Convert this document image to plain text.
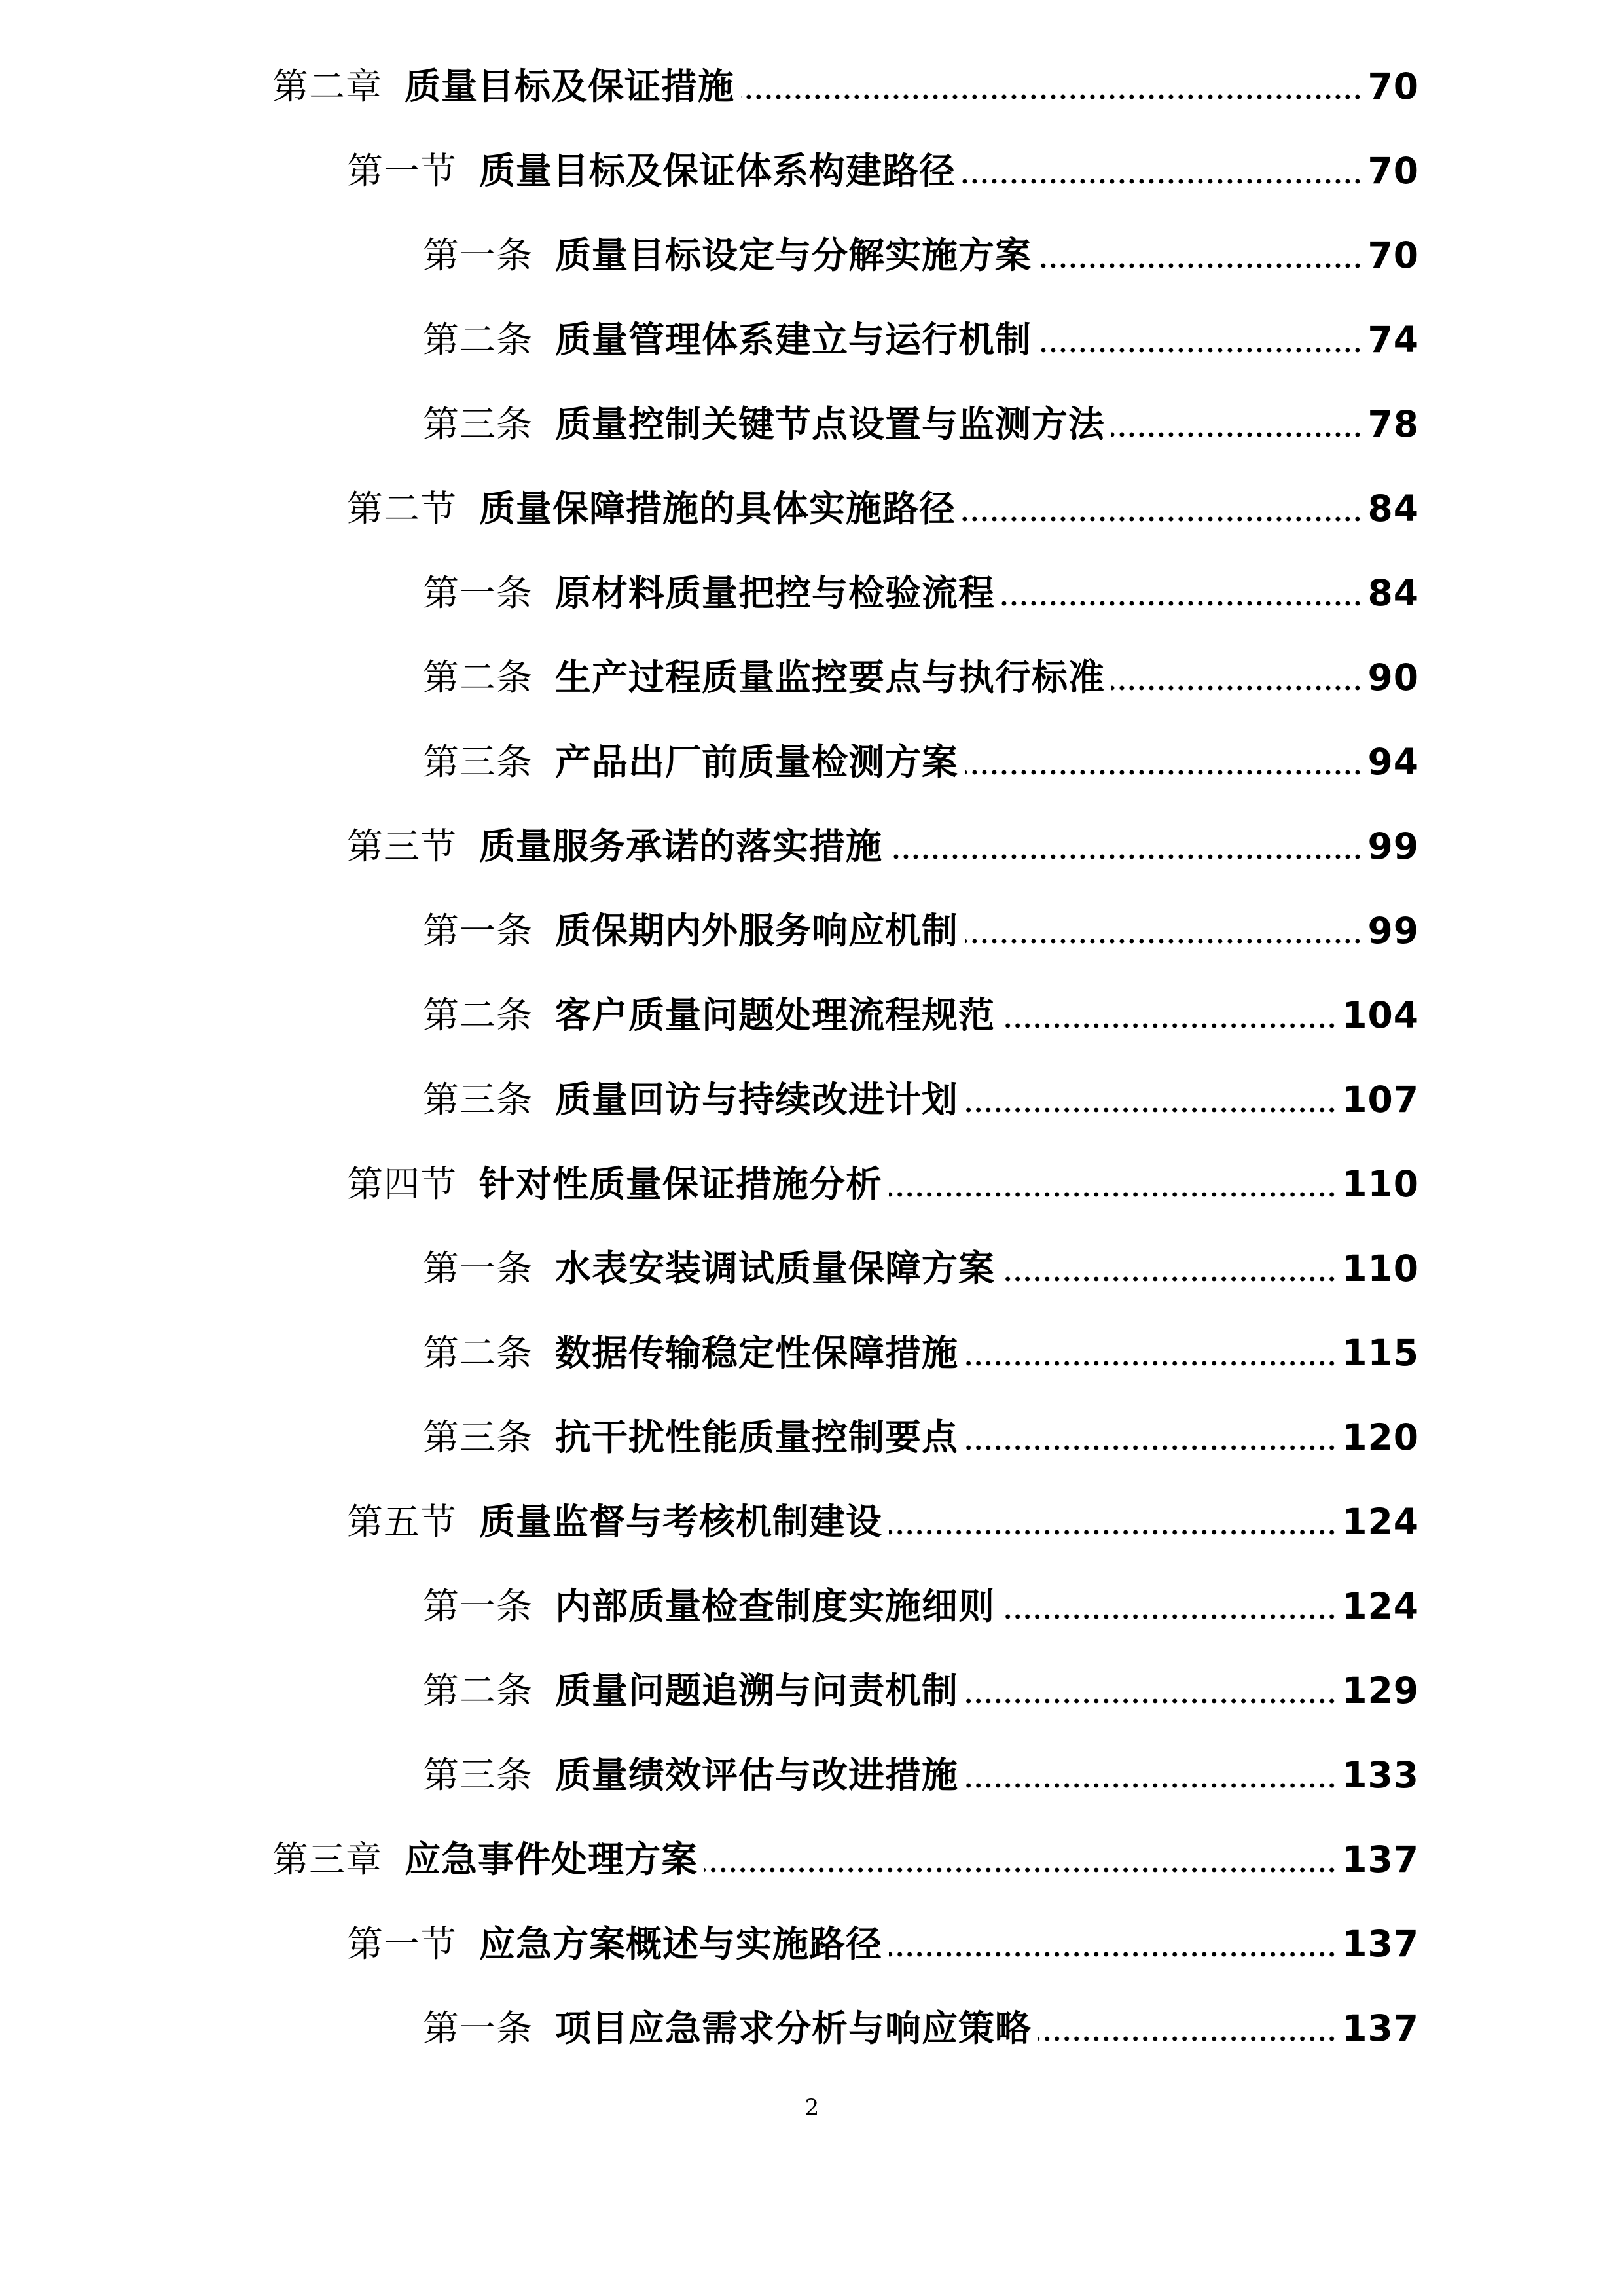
第二章 质量目标及保证措施	70
第一节 质量目标及保证体系构建路径	70
第一条 质量目标设定与分解实施方案	70
第二条 质量管理体系建立与运行机制	74
第三条 质量控制关键节点设置与监测方法	78
第二节 质量保障措施的具体实施路径	84
第一条 原材料质量把控与检验流程	84
第二条 生产过程质量监控要点与执行标准	90
第三条 产品出厂前质量检测方案	94
第三节 质量服务承诺的落实措施	99
第一条 质保期内外服务响应机制	99
第二条 客户质量问题处理流程规范	104
第三条 质量回访与持续改进计划	107
第四节 针对性质量保证措施分析	110
第一条 水表安装调试质量保障方案	110
第二条 数据传输稳定性保障措施	115
第三条 抗干扰性能质量控制要点	120
第五节 质量监督与考核机制建设	124
第一条 内部质量检查制度实施细则	124
第二条 质量问题追溯与问责机制	129
第三条 质量绩效评估与改进措施	133
第三章 应急事件处理方案	137
第一节 应急方案概述与实施路径	137
第一条 项目应急需求分析与响应策略	137
2
